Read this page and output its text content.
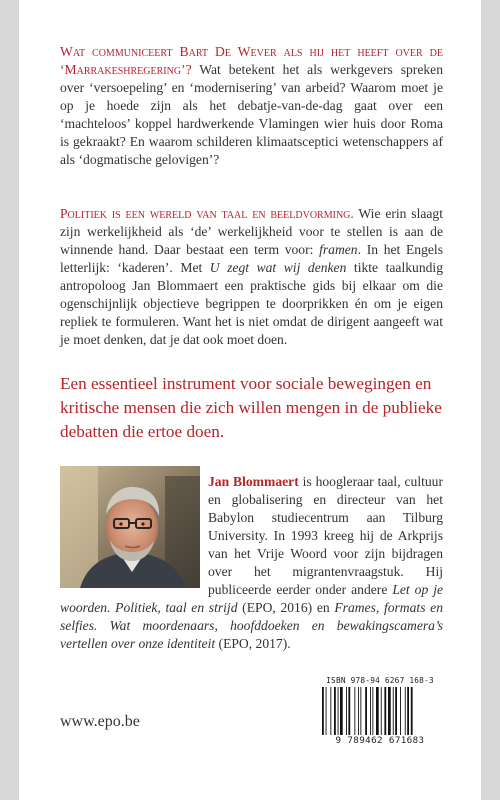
Wat communiceert Bart De Wever als hij het heeft over de ‘Marrakeshregering’? Wat betekent het als werkgevers spreken over ‘versoepeling’ en ‘modernisering’ van arbeid? Waarom moet je op je hoede zijn als het debatje-van-de-dag gaat over een ‘machteloos’ koppel hardwerkende Vlamingen wier huis door Roma is gekraakt? En waarom schilderen klimaatsceptici wetenschappers af als ‘dogmatische gelovigen’?

Politiek is een wereld van taal en beeldvorming. Wie erin slaagt zijn werkelijkheid als ‘de’ werkelijkheid voor te stellen is aan de winnende hand. Daar bestaat een term voor: framen. In het Engels letterlijk: ‘kaderen’. Met U zegt wat wij denken tikte taalkundig antropoloog Jan Blommaert een praktische gids bij elkaar om die ogenschijnlijk objectieve begrippen te doorprikken én om je eigen repliek te formuleren. Want het is niet omdat de dirigent aangeeft wat je moet denken, dat je dat ook moet doen.

Een essentieel instrument voor sociale bewegingen en kritische mensen die zich willen mengen in de publieke debatten die ertoe doen.

Jan Blommaert is hoogleraar taal, cultuur en globalisering en directeur van het Babylon studiecentrum aan Tilburg University. In 1993 kreeg hij de Arkprijs van het Vrije Woord voor zijn bijdragen over het migrantenvraagstuk. Hij publiceerde eerder onder andere Let op je woorden. Politiek, taal en strijd (EPO, 2016) en Frames, formats en selfies. Wat moordenaars, hoofddoeken en bewakingscamera’s vertellen over onze identiteit (EPO, 2017).

www.epo.be
ISBN 978-94 6267 168-3
9 789462 671683
